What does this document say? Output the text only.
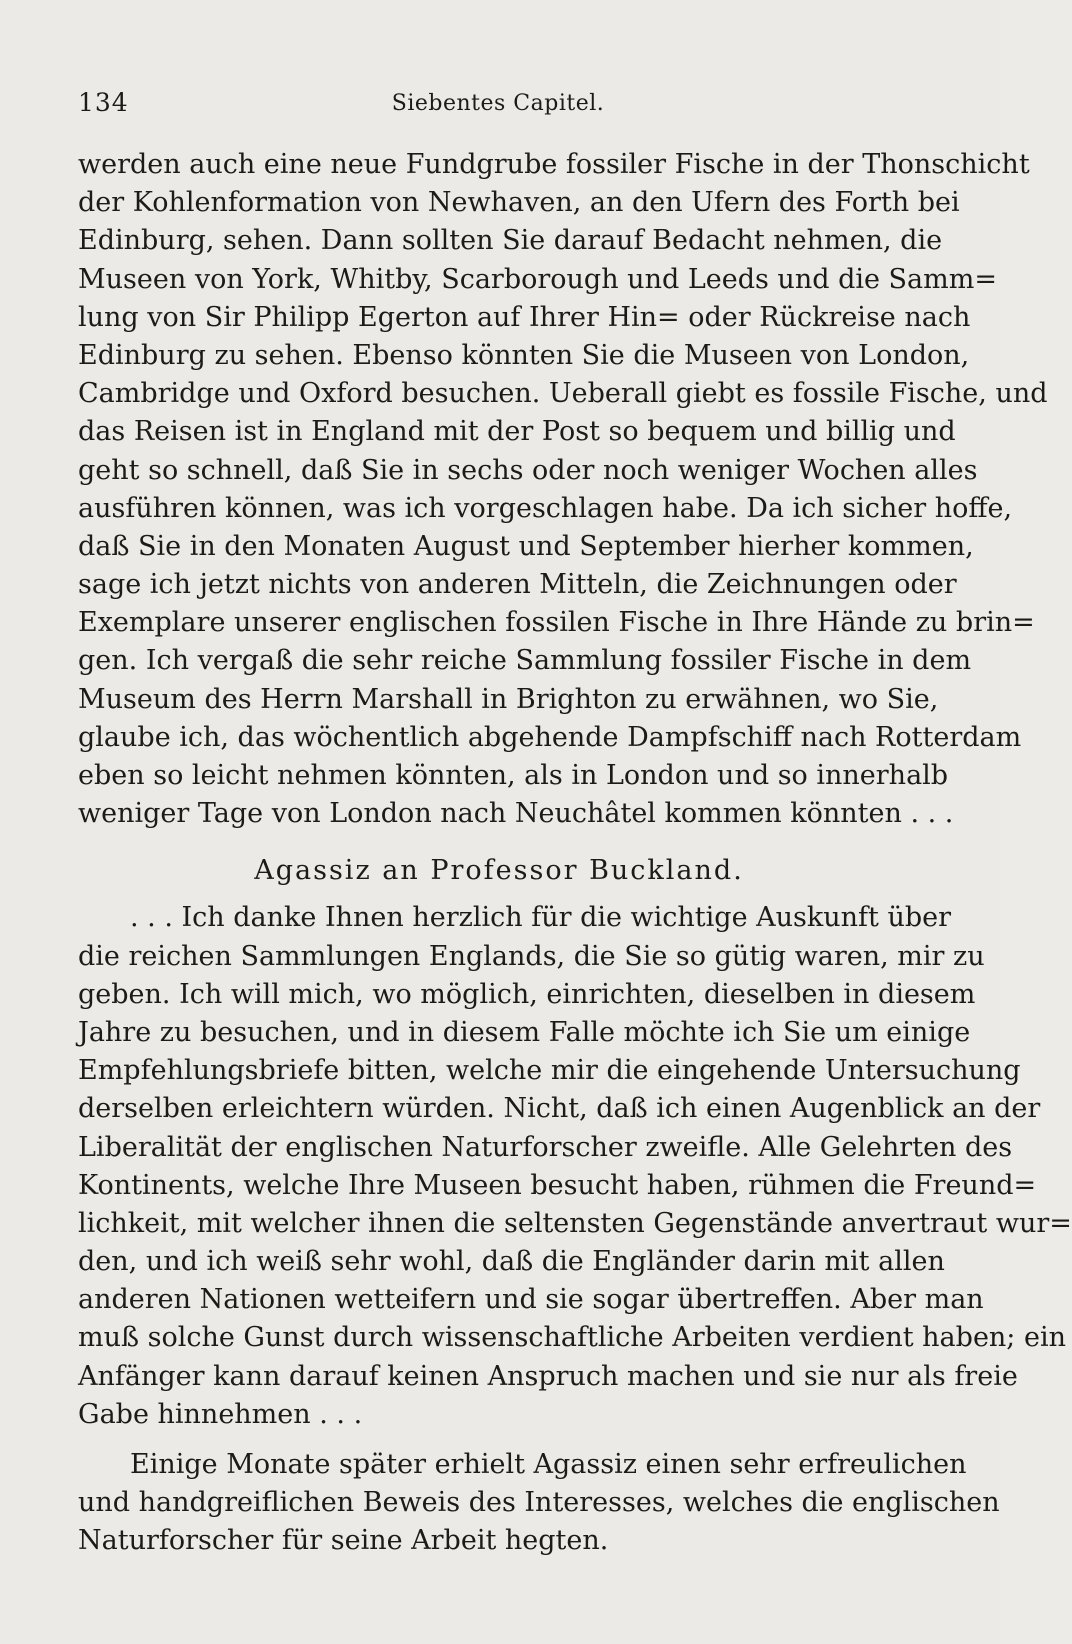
134	Siebentes Capitel.
werden auch eine neue Fundgrube fossiler Fische in der Thonschicht
der Kohlenformation von Newhaven, an den Ufern des Forth bei
Edinburg, sehen. Dann sollten Sie darauf Bedacht nehmen, die
Museen von York, Whitby, Scarborough und Leeds und die Samm=
lung von Sir Philipp Egerton auf Ihrer Hin= oder Rückreise nach
Edinburg zu sehen. Ebenso könnten Sie die Museen von London,
Cambridge und Oxford besuchen. Ueberall giebt es fossile Fische, und
das Reisen ist in England mit der Post so bequem und billig und
geht so schnell, daß Sie in sechs oder noch weniger Wochen alles
ausführen können, was ich vorgeschlagen habe. Da ich sicher hoffe,
daß Sie in den Monaten August und September hierher kommen,
sage ich jetzt nichts von anderen Mitteln, die Zeichnungen oder
Exemplare unserer englischen fossilen Fische in Ihre Hände zu brin=
gen. Ich vergaß die sehr reiche Sammlung fossiler Fische in dem
Museum des Herrn Marshall in Brighton zu erwähnen, wo Sie,
glaube ich, das wöchentlich abgehende Dampfschiff nach Rotterdam
eben so leicht nehmen könnten, als in London und so innerhalb
weniger Tage von London nach Neuchâtel kommen könnten . . .
Agassiz an Professor Buckland.
. . . Ich danke Ihnen herzlich für die wichtige Auskunft über
die reichen Sammlungen Englands, die Sie so gütig waren, mir zu
geben. Ich will mich, wo möglich, einrichten, dieselben in diesem
Jahre zu besuchen, und in diesem Falle möchte ich Sie um einige
Empfehlungsbriefe bitten, welche mir die eingehende Untersuchung
derselben erleichtern würden. Nicht, daß ich einen Augenblick an der
Liberalität der englischen Naturforscher zweifle. Alle Gelehrten des
Kontinents, welche Ihre Museen besucht haben, rühmen die Freund=
lichkeit, mit welcher ihnen die seltensten Gegenstände anvertraut wur=
den, und ich weiß sehr wohl, daß die Engländer darin mit allen
anderen Nationen wetteifern und sie sogar übertreffen. Aber man
muß solche Gunst durch wissenschaftliche Arbeiten verdient haben; ein
Anfänger kann darauf keinen Anspruch machen und sie nur als freie
Gabe hinnehmen . . .
Einige Monate später erhielt Agassiz einen sehr erfreulichen
und handgreiflichen Beweis des Interesses, welches die englischen
Naturforscher für seine Arbeit hegten.
